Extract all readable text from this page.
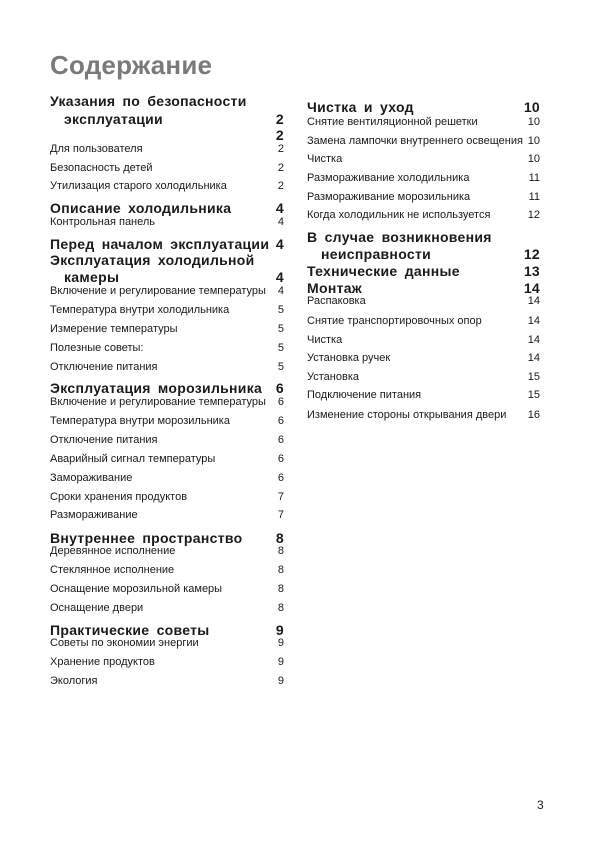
Содержание
Указания по безопасности
эксплуатации	2
2
Для пользователя	2
Безопасность детей	2
Утилизация старого холодильника	2
Описание холодильника	4
Контрольная панель	4
Перед началом эксплуатации 4
Эксплуатация холодильной
камеры	4
Включение и регулирование температуры 4
Температура внутри холодильника	5
Измерение температуры	5
Полезные советы:	5
Отключение питания	5
Эксплуатация морозильника 6
Включение и регулирование температуры 6
Температура внутри морозильника	6
Отключение питания	6
Аварийный сигнал температуры	6
Замораживание	6
Сроки хранения продуктов	7
Размораживание	7
Внутреннее пространство 8
Деревянное исполнение	8
Стеклянное исполнение	8
Оснащение морозильной камеры	8
Оснащение двери	8
Практические советы	9
Советы по экономии энергии	9
Хранение продуктов	9
Экология	9
Чистка и уход	10
Снятие вентиляционной решетки	10
Замена лампочки внутреннего освещения 10
Чистка	10
Размораживание холодильника	11
Размораживание морозильника	11
Когда холодильник не используется	12
В случае возникновения
неисправности	12
Технические данные	13
Монтаж	14
Распаковка	14
Снятие транспортировочных опор	14
Чистка	14
Установка ручек	14
Установка	15
Подключение питания	15
Изменение стороны открывания двери 16
3
